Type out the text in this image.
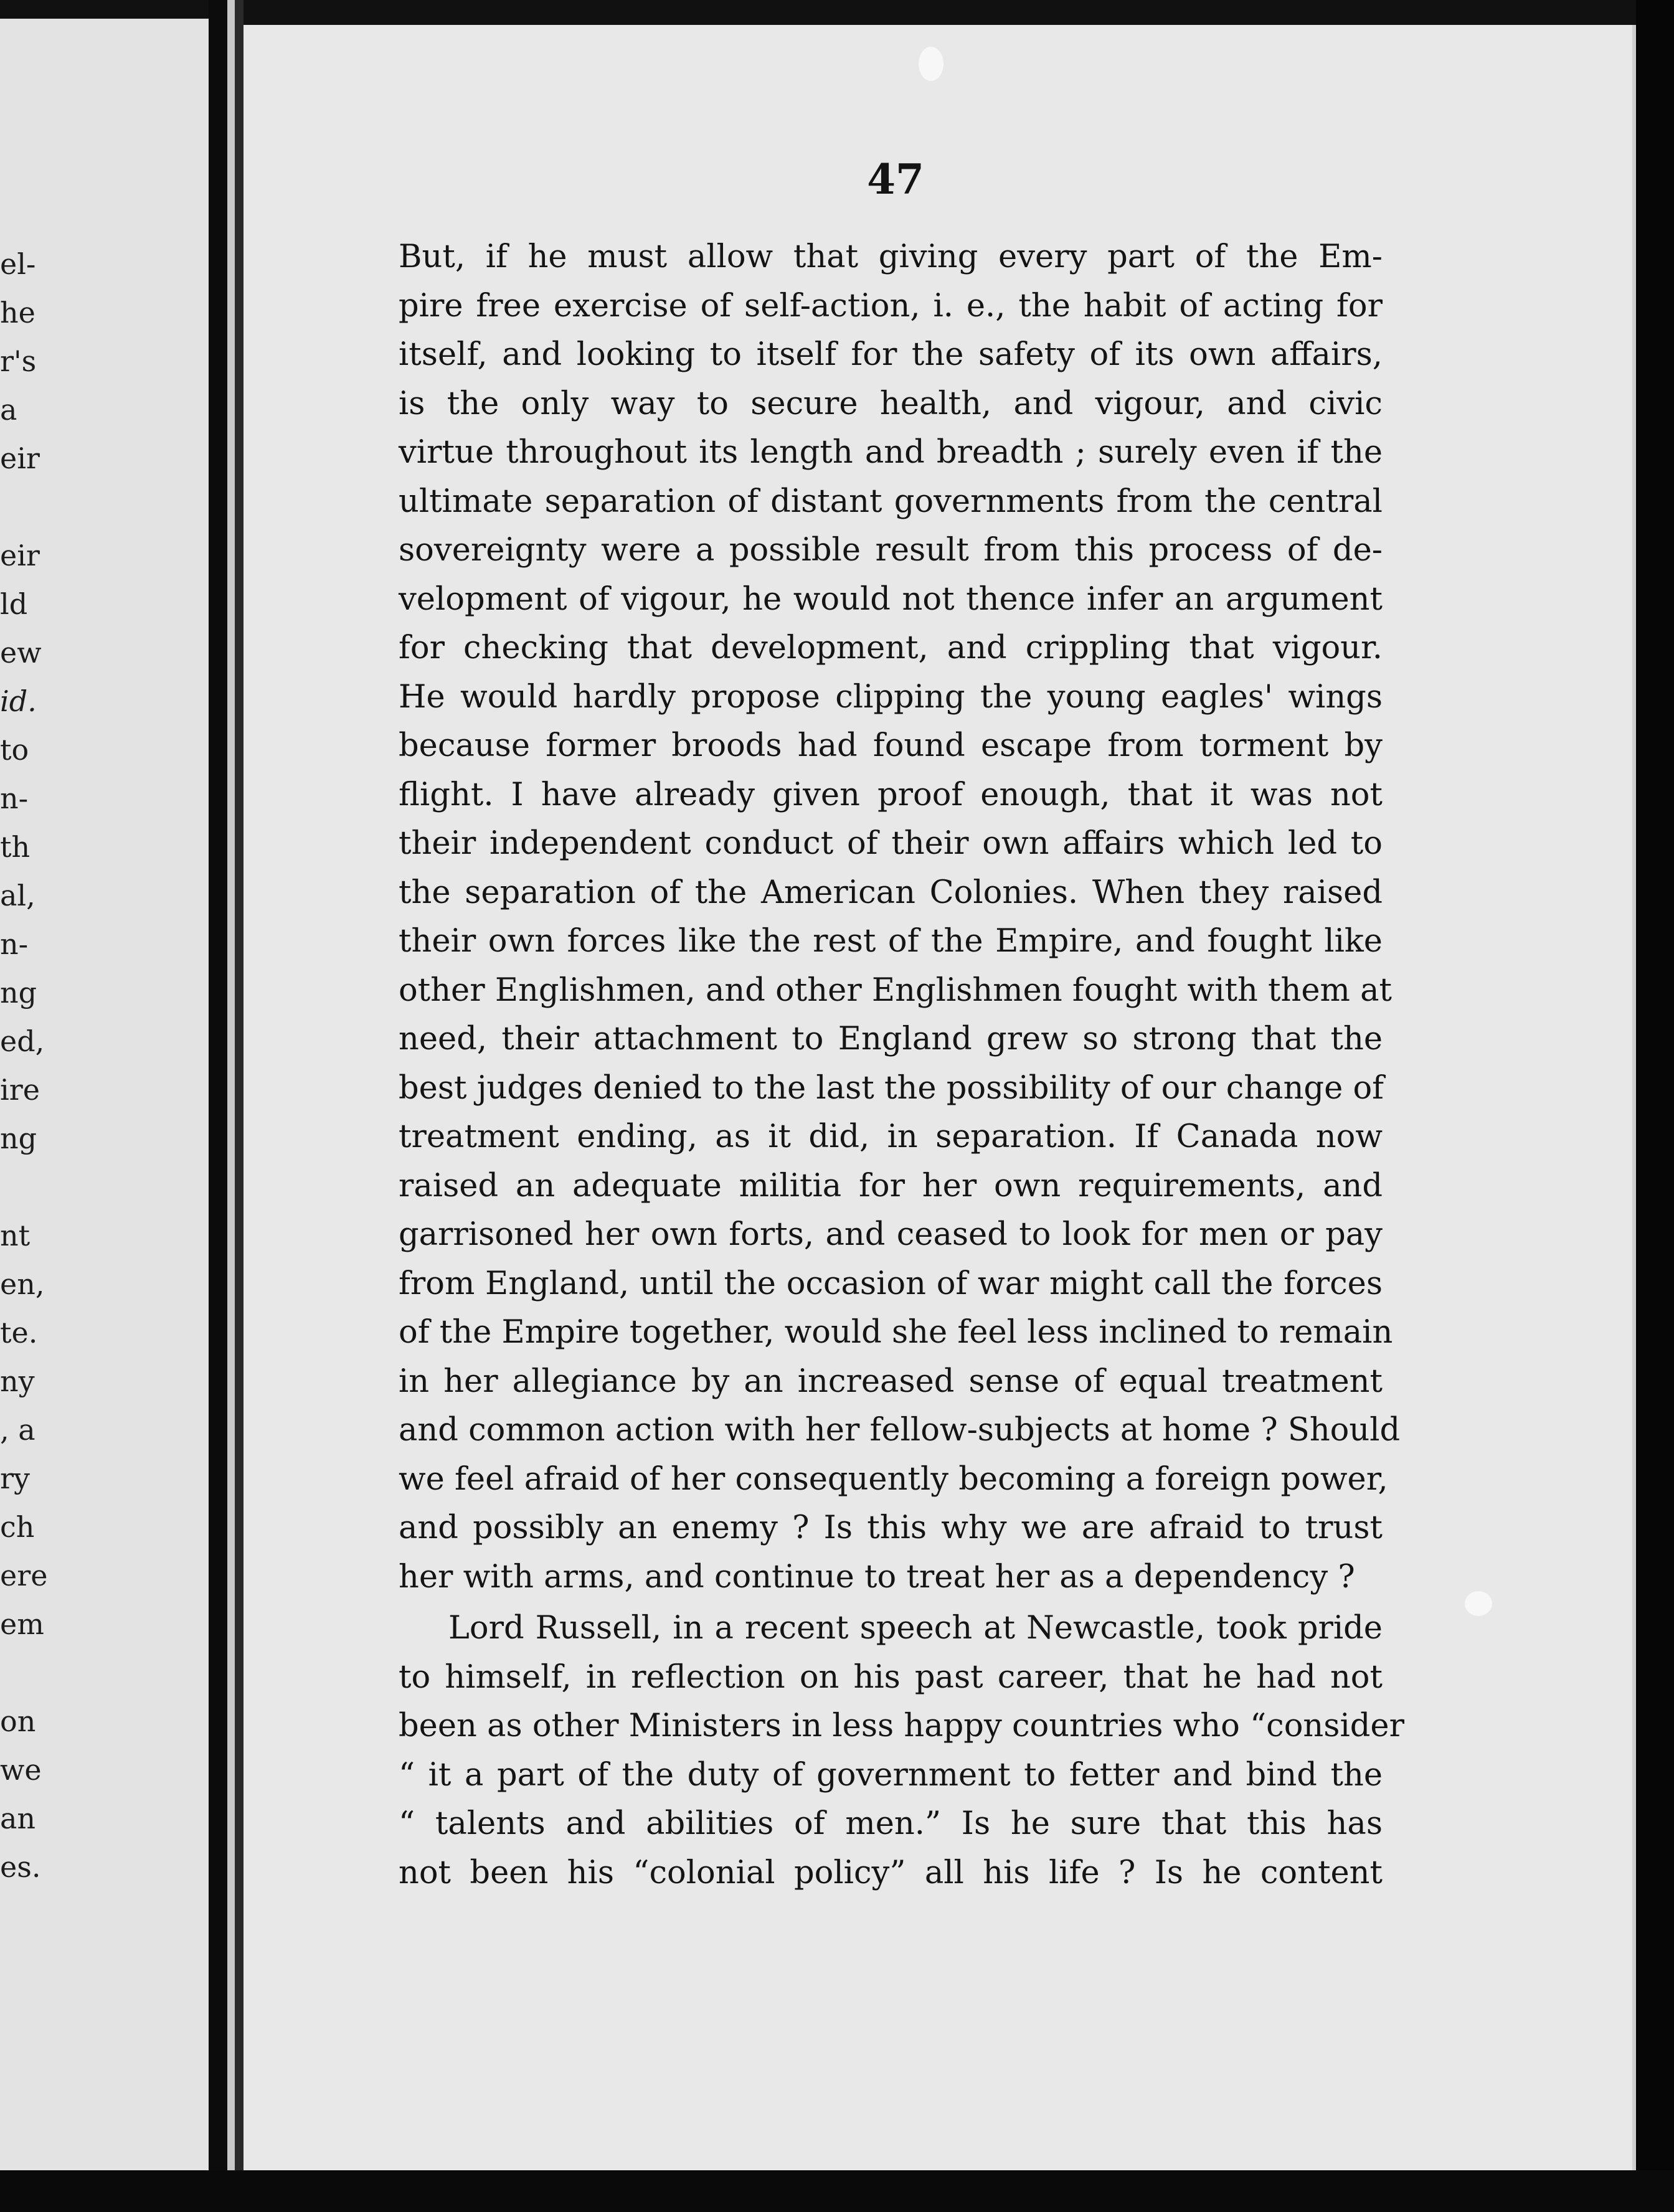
el-
he
r's
a
eir
eir
ld
ew
id.
to
n-
th
al,
n-
ng
ed,
ire
ng
nt
en,
te.
ny
, a
ry
ch
ere
em
on
we
an
es.
47
But, if he must allow that giving every part of the Em-
pire free exercise of self-action, i. e., the habit of acting for
itself, and looking to itself for the safety of its own affairs,
is the only way to secure health, and vigour, and civic
virtue throughout its length and breadth ; surely even if the
ultimate separation of distant governments from the central
sovereignty were a possible result from this process of de-
velopment of vigour, he would not thence infer an argument
for checking that development, and crippling that vigour.
He would hardly propose clipping the young eagles' wings
because former broods had found escape from torment by
flight. I have already given proof enough, that it was not
their independent conduct of their own affairs which led to
the separation of the American Colonies. When they raised
their own forces like the rest of the Empire, and fought like
other Englishmen, and other Englishmen fought with them at
need, their attachment to England grew so strong that the
best judges denied to the last the possibility of our change of
treatment ending, as it did, in separation. If Canada now
raised an adequate militia for her own requirements, and
garrisoned her own forts, and ceased to look for men or pay
from England, until the occasion of war might call the forces
of the Empire together, would she feel less inclined to remain
in her allegiance by an increased sense of equal treatment
and common action with her fellow-subjects at home ? Should
we feel afraid of her consequently becoming a foreign power,
and possibly an enemy ? Is this why we are afraid to trust
her with arms, and continue to treat her as a dependency ?
Lord Russell, in a recent speech at Newcastle, took pride
to himself, in reflection on his past career, that he had not
been as other Ministers in less happy countries who “consider
“ it a part of the duty of government to fetter and bind the
“ talents and abilities of men.” Is he sure that this has
not been his “colonial policy” all his life ? Is he content
